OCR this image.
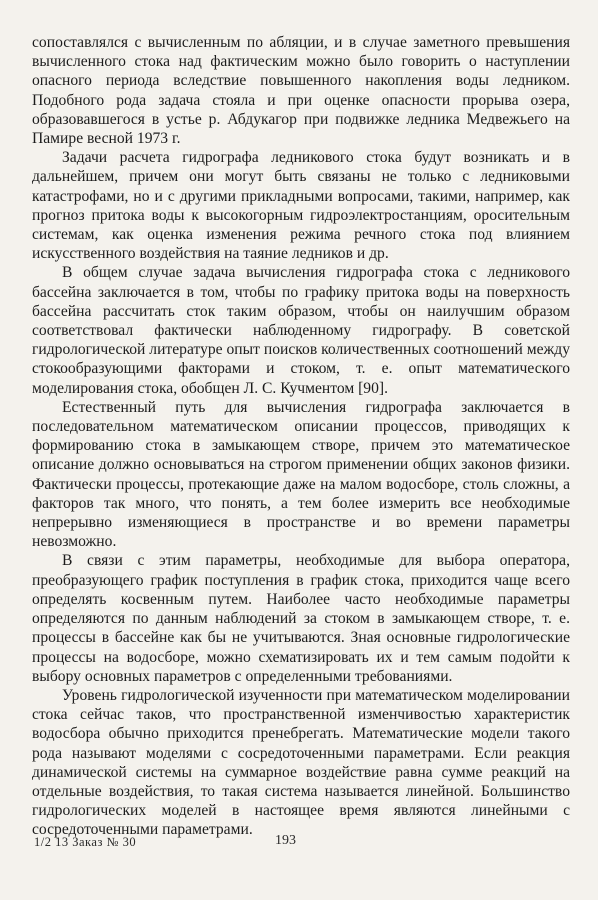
сопоставлялся с вычисленным по абляции, и в случае заметного превышения вычисленного стока над фактическим можно было говорить о наступлении опасного периода вследствие повышенного накопления воды ледником. Подобного рода задача стояла и при оценке опасности прорыва озера, образовавшегося в устье р. Абдукагор при подвижке ледника Медвежьего на Памире весной 1973 г.

Задачи расчета гидрографа ледникового стока будут возникать и в дальнейшем, причем они могут быть связаны не только с ледниковыми катастрофами, но и с другими прикладными вопросами, такими, например, как прогноз притока воды к высокогорным гидроэлектростанциям, оросительным системам, как оценка изменения режима речного стока под влиянием искусственного воздействия на таяние ледников и др.

В общем случае задача вычисления гидрографа стока с ледникового бассейна заключается в том, чтобы по графику притока воды на поверхность бассейна рассчитать сток таким образом, чтобы он наилучшим образом соответствовал фактически наблюденному гидрографу. В советской гидрологической литературе опыт поисков количественных соотношений между стокообразующими факторами и стоком, т. е. опыт математического моделирования стока, обобщен Л. С. Кучментом [90].

Естественный путь для вычисления гидрографа заключается в последовательном математическом описании процессов, приводящих к формированию стока в замыкающем створе, причем это математическое описание должно основываться на строгом применении общих законов физики. Фактически процессы, протекающие даже на малом водосборе, столь сложны, а факторов так много, что понять, а тем более измерить все необходимые непрерывно изменяющиеся в пространстве и во времени параметры невозможно.

В связи с этим параметры, необходимые для выбора оператора, преобразующего график поступления в график стока, приходится чаще всего определять косвенным путем. Наиболее часто необходимые параметры определяются по данным наблюдений за стоком в замыкающем створе, т. е. процессы в бассейне как бы не учитываются. Зная основные гидрологические процессы на водосборе, можно схематизировать их и тем самым подойти к выбору основных параметров с определенными требованиями.

Уровень гидрологической изученности при математическом моделировании стока сейчас таков, что пространственной изменчивостью характеристик водосбора обычно приходится пренебрегать. Математические модели такого рода называют моделями с сосредоточенными параметрами. Если реакция динамической системы на суммарное воздействие равна сумме реакций на отдельные воздействия, то такая система называется линейной. Большинство гидрологических моделей в настоящее время являются линейными с сосредоточенными параметрами.

1/2 13 Заказ № 30	193
